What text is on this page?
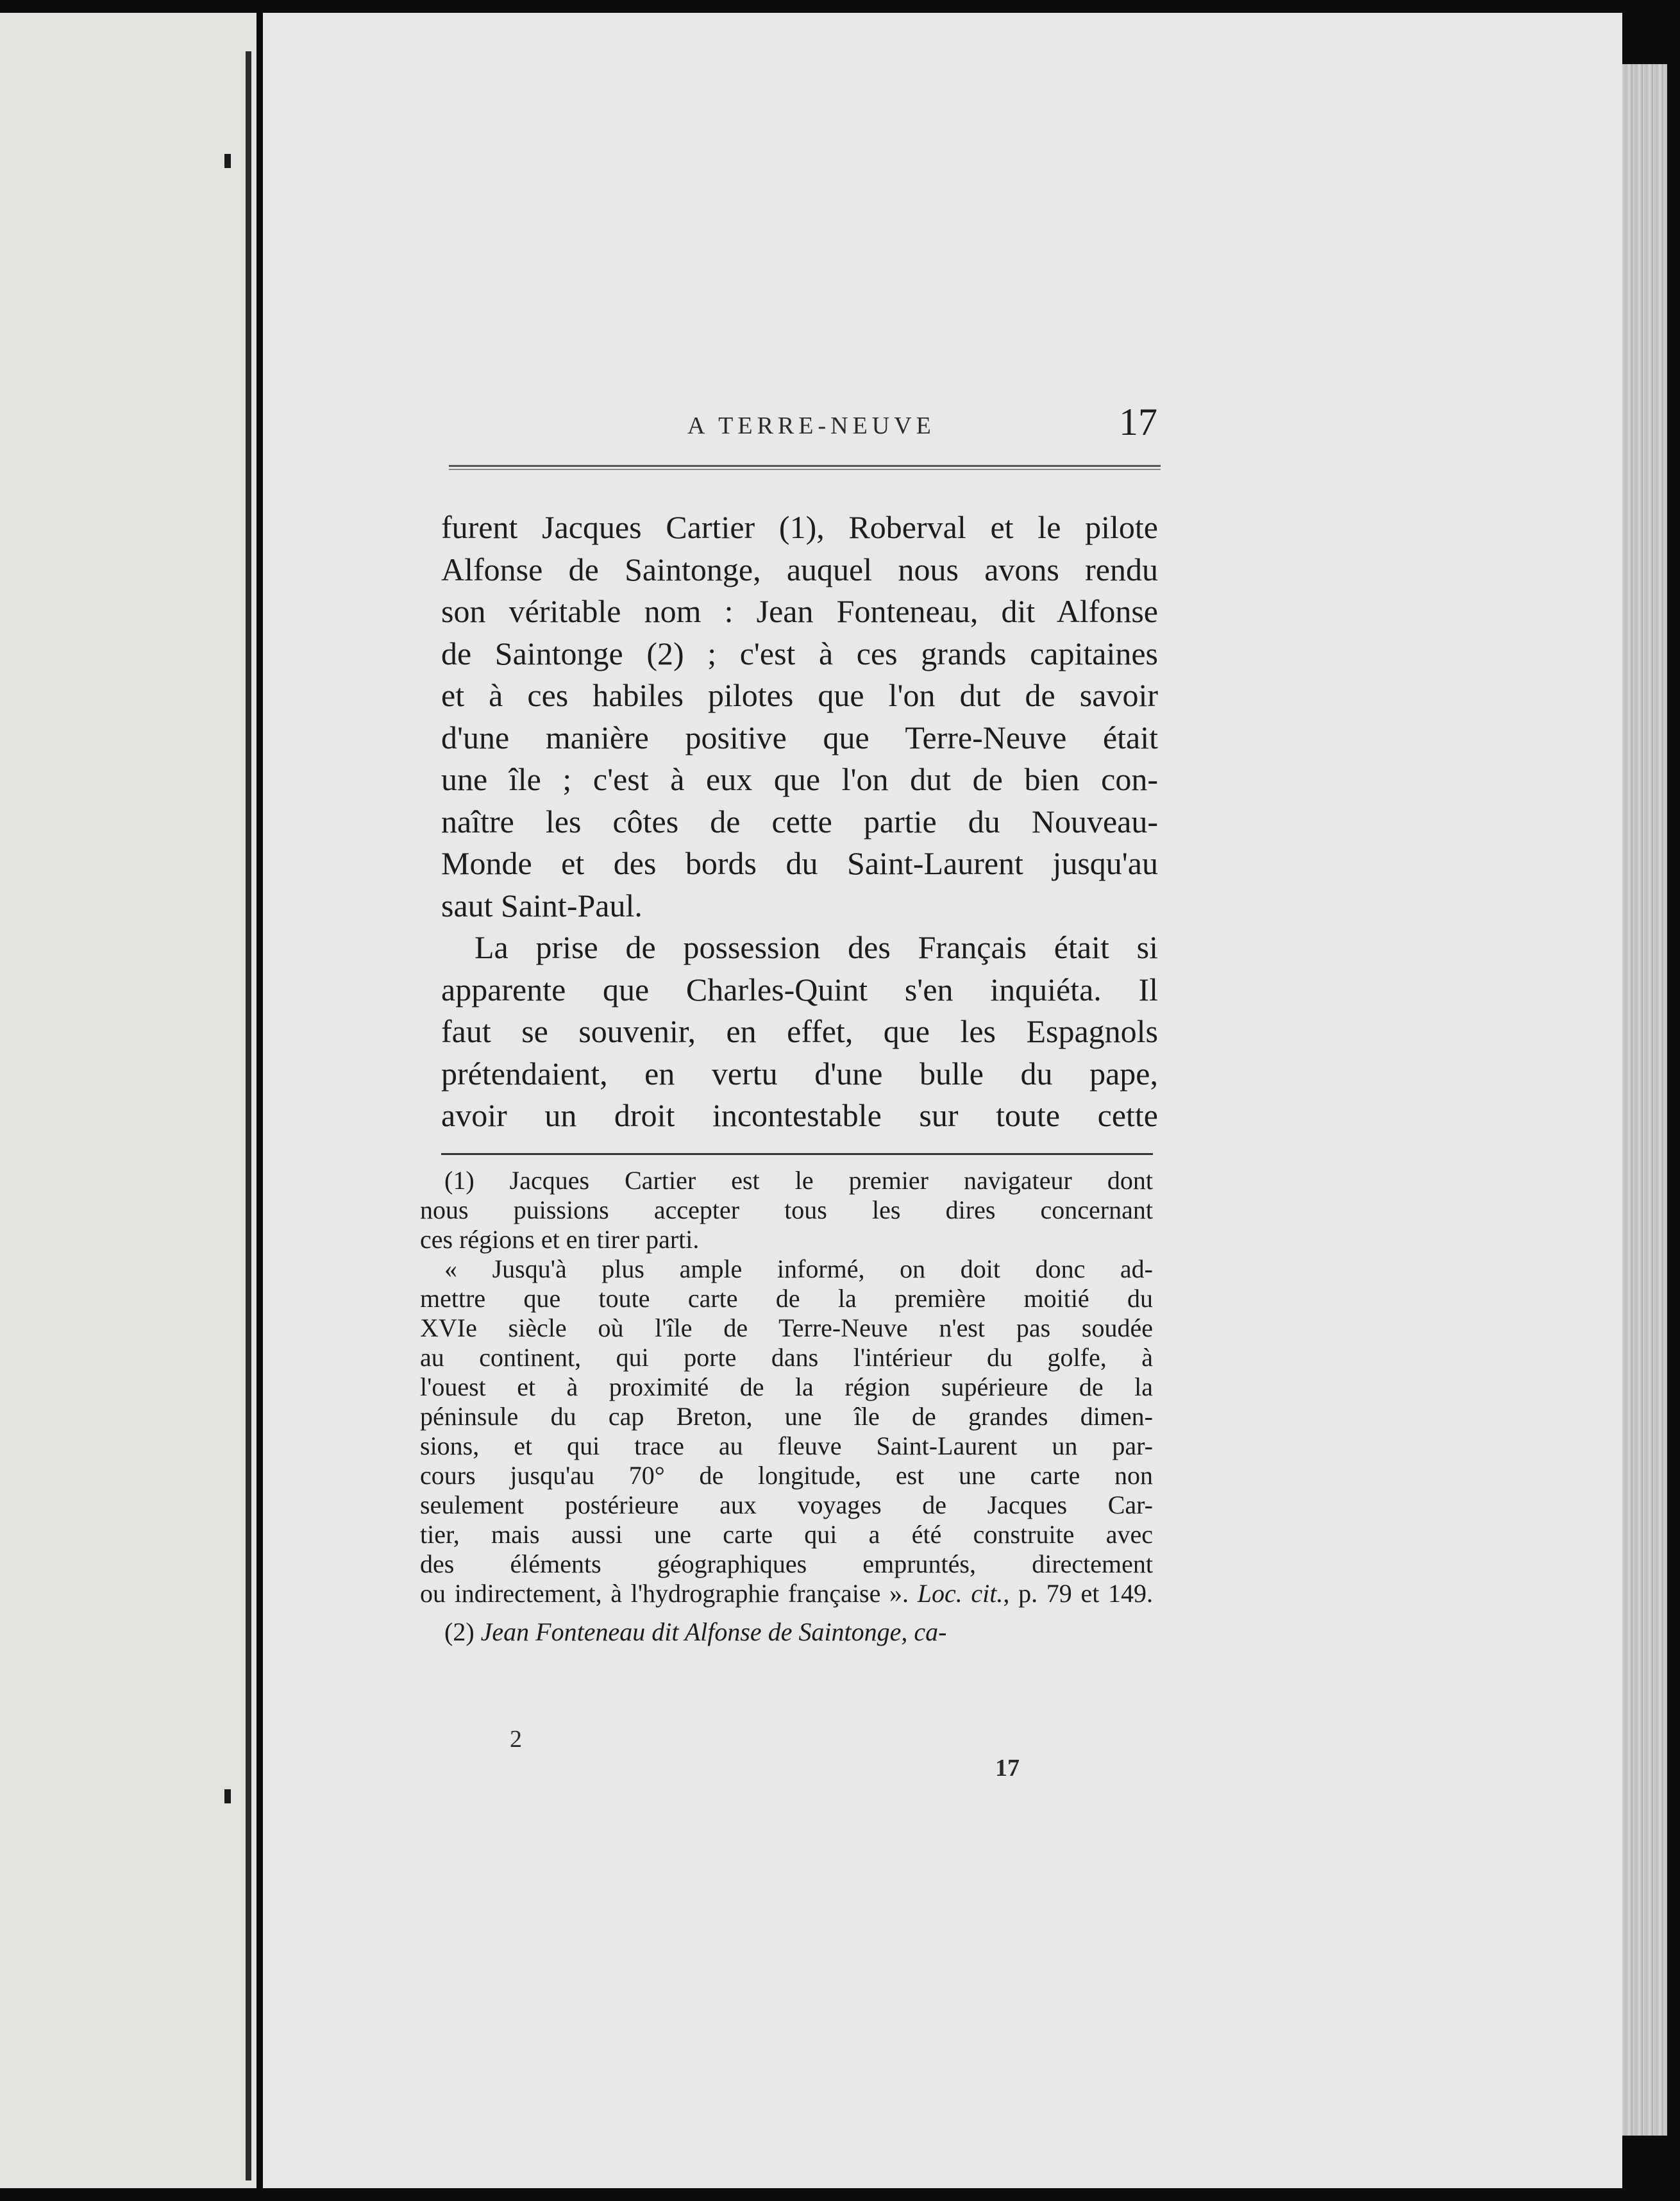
A TERRE-NEUVE	17

furent Jacques Cartier (1), Roberval et le pilote

Alfonse de Saintonge, auquel nous avons rendu

son véritable nom : Jean Fonteneau, dit Alfonse

de Saintonge (2) ; c'est à ces grands capitaines

et à ces habiles pilotes que l'on dut de savoir

d'une manière positive que Terre-Neuve était

une île ; c'est à eux que l'on dut de bien con-

naître les côtes de cette partie du Nouveau-

Monde et des bords du Saint-Laurent jusqu'au

saut Saint-Paul.

La prise de possession des Français était si

apparente que Charles-Quint s'en inquiéta. Il

faut se souvenir, en effet, que les Espagnols

prétendaient, en vertu d'une bulle du pape,

avoir un droit incontestable sur toute cette

(1) Jacques Cartier est le premier navigateur dont

nous puissions accepter tous les dires concernant

ces régions et en tirer parti.

« Jusqu'à plus ample informé, on doit donc ad-

mettre que toute carte de la première moitié du

XVIe siècle où l'île de Terre-Neuve n'est pas soudée

au continent, qui porte dans l'intérieur du golfe, à

l'ouest et à proximité de la région supérieure de la

péninsule du cap Breton, une île de grandes dimen-

sions, et qui trace au fleuve Saint-Laurent un par-

cours jusqu'au 70° de longitude, est une carte non

seulement postérieure aux voyages de Jacques Car-

tier, mais aussi une carte qui a été construite avec

des éléments géographiques empruntés, directement

ou indirectement, à l'hydrographie française ». Loc. cit., p. 79 et 149.

(2) Jean Fonteneau dit Alfonse de Saintonge, ca-

2
17
